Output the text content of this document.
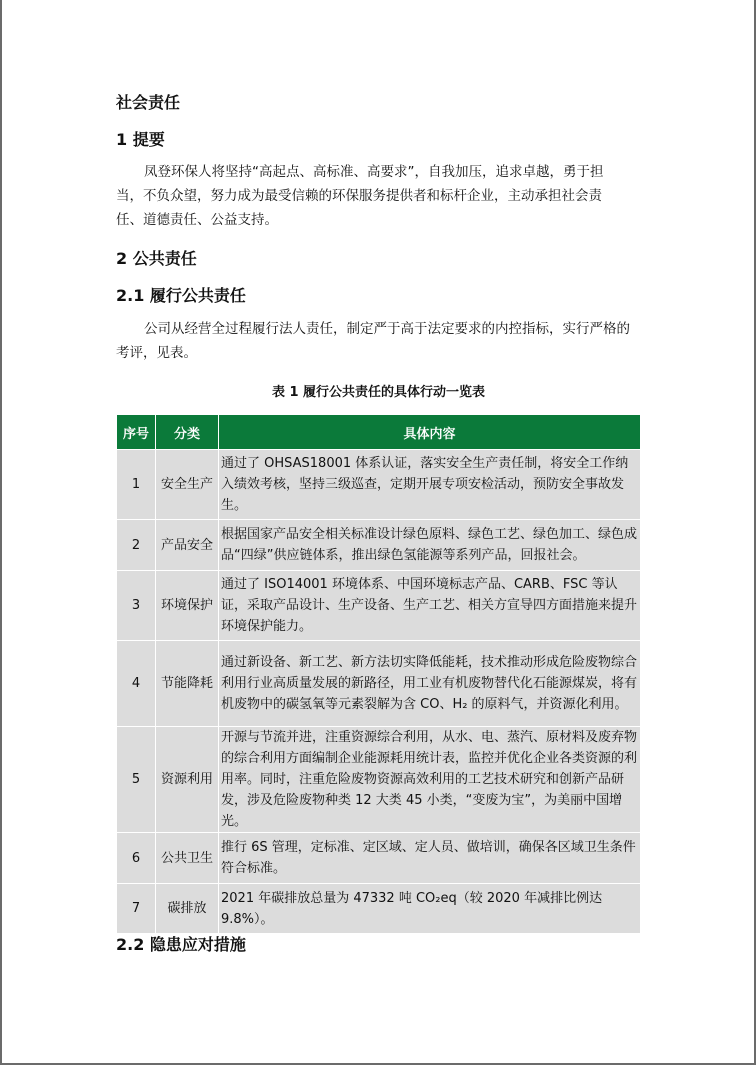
社会责任
1 提要

凤登环保人将坚持“高起点、高标准、高要求”，自我加压，追求卓越，勇于担当，不负众望，努力成为最受信赖的环保服务提供者和标杆企业，主动承担社会责任、道德责任、公益支持。

2 公共责任
2.1 履行公共责任

公司从经营全过程履行法人责任，制定严于高于法定要求的内控指标，实行严格的考评，见表。

表 1 履行公共责任的具体行动一览表
序号	分类	具体内容
1	安全生产	通过了 OHSAS18001 体系认证，落实安全生产责任制，将安全工作纳入绩效考核，坚持三级巡查，定期开展专项安检活动，预防安全事故发生。
2	产品安全	根据国家产品安全相关标准设计绿色原料、绿色工艺、绿色加工、绿色成品“四绿”供应链体系，推出绿色氢能源等系列产品，回报社会。
3	环境保护	通过了 ISO14001 环境体系、中国环境标志产品、CARB、FSC 等认证，采取产品设计、生产设备、生产工艺、相关方宣导四方面措施来提升环境保护能力。
4	节能降耗	通过新设备、新工艺、新方法切实降低能耗，技术推动形成危险废物综合利用行业高质量发展的新路径，用工业有机废物替代化石能源煤炭，将有机废物中的碳氢氧等元素裂解为含 CO、H₂ 的原料气，并资源化利用。
5	资源利用	开源与节流并进，注重资源综合利用，从水、电、蒸汽、原材料及废弃物的综合利用方面编制企业能源耗用统计表，监控并优化企业各类资源的利用率。同时，注重危险废物资源高效利用的工艺技术研究和创新产品研发，涉及危险废物种类 12 大类 45 小类，“变废为宝”，为美丽中国增光。
6	公共卫生	推行 6S 管理，定标准、定区域、定人员、做培训，确保各区域卫生条件符合标准。
7	碳排放	2021 年碳排放总量为 47332 吨 CO₂eq（较 2020 年减排比例达 9.8%）。
2.2 隐患应对措施
